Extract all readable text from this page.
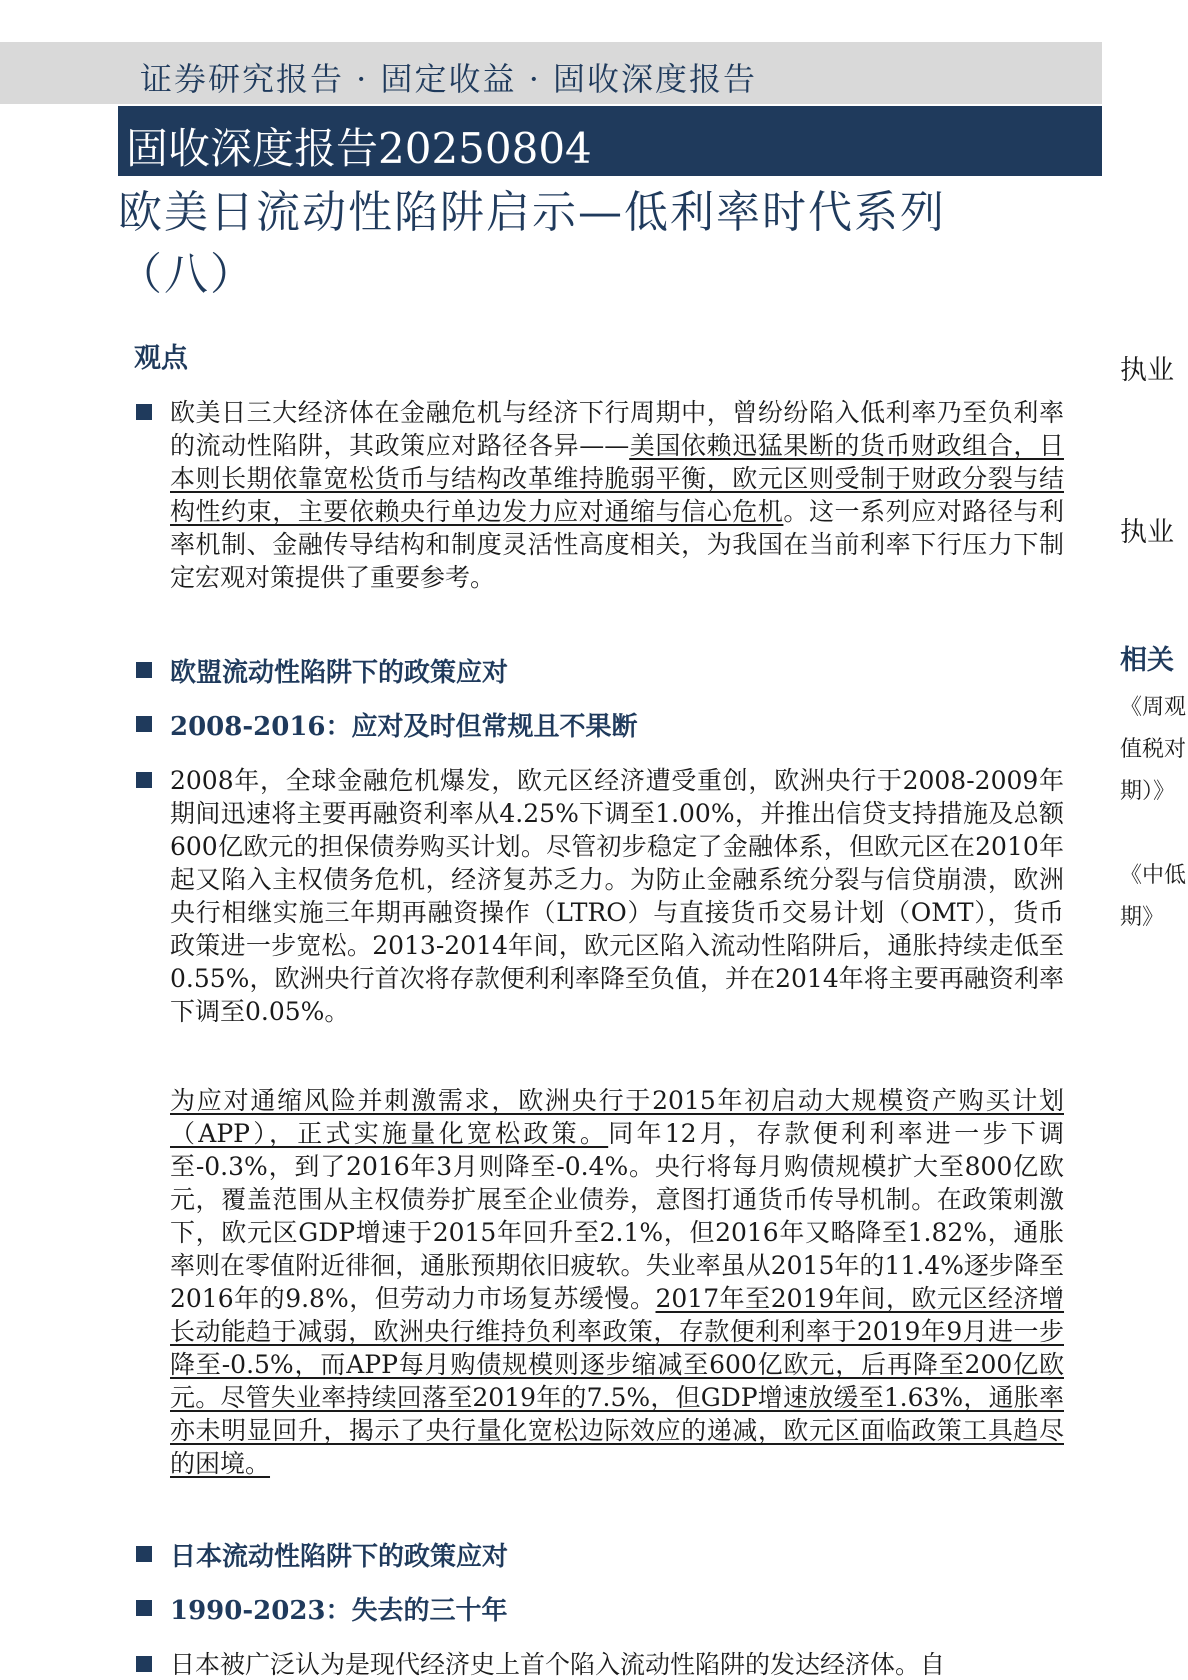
证券研究报告 · 固定收益 · 固收深度报告
固收深度报告20250804
欧美日流动性陷阱启示—低利率时代系列（八）
观点
欧美日三大经济体在金融危机与经济下行周期中，曾纷纷陷入低利率乃至负利率的流动性陷阱，其政策应对路径各异——美国依赖迅猛果断的货币财政组合，日本则长期依靠宽松货币与结构改革维持脆弱平衡，欧元区则受制于财政分裂与结构性约束，主要依赖央行单边发力应对通缩与信心危机。这一系列应对路径与利率机制、金融传导结构和制度灵活性高度相关，为我国在当前利率下行压力下制定宏观对策提供了重要参考。
欧盟流动性陷阱下的政策应对
2008-2016：应对及时但常规且不果断
2008年，全球金融危机爆发，欧元区经济遭受重创，欧洲央行于2008-2009年期间迅速将主要再融资利率从4.25%下调至1.00%，并推出信贷支持措施及总额600亿欧元的担保债券购买计划。尽管初步稳定了金融体系，但欧元区在2010年起又陷入主权债务危机，经济复苏乏力。为防止金融系统分裂与信贷崩溃，欧洲央行相继实施三年期再融资操作（LTRO）与直接货币交易计划（OMT），货币政策进一步宽松。2013-2014年间，欧元区陷入流动性陷阱后，通胀持续走低至0.55%，欧洲央行首次将存款便利利率降至负值，并在2014年将主要再融资利率下调至0.05%。
为应对通缩风险并刺激需求，欧洲央行于2015年初启动大规模资产购买计划（APP），正式实施量化宽松政策。同年12月，存款便利利率进一步下调至-0.3%，到了2016年3月则降至-0.4%。央行将每月购债规模扩大至800亿欧元，覆盖范围从主权债券扩展至企业债券，意图打通货币传导机制。在政策刺激下，欧元区GDP增速于2015年回升至2.1%，但2016年又略降至1.82%，通胀率则在零值附近徘徊，通胀预期依旧疲软。失业率虽从2015年的11.4%逐步降至2016年的9.8%，但劳动力市场复苏缓慢。2017年至2019年间，欧元区经济增长动能趋于减弱，欧洲央行维持负利率政策，存款便利利率于2019年9月进一步降至-0.5%，而APP每月购债规模则逐步缩减至600亿欧元，后再降至200亿欧元。尽管失业率持续回落至2019年的7.5%，但GDP增速放缓至1.63%，通胀率亦未明显回升，揭示了央行量化宽松边际效应的递减，欧元区面临政策工具趋尽的困境。
日本流动性陷阱下的政策应对
1990-2023：失去的三十年
日本被广泛认为是现代经济史上首个陷入流动性陷阱的发达经济体。自
执业
执业
相关
《周观
值税对
期）》
《中低
期》
